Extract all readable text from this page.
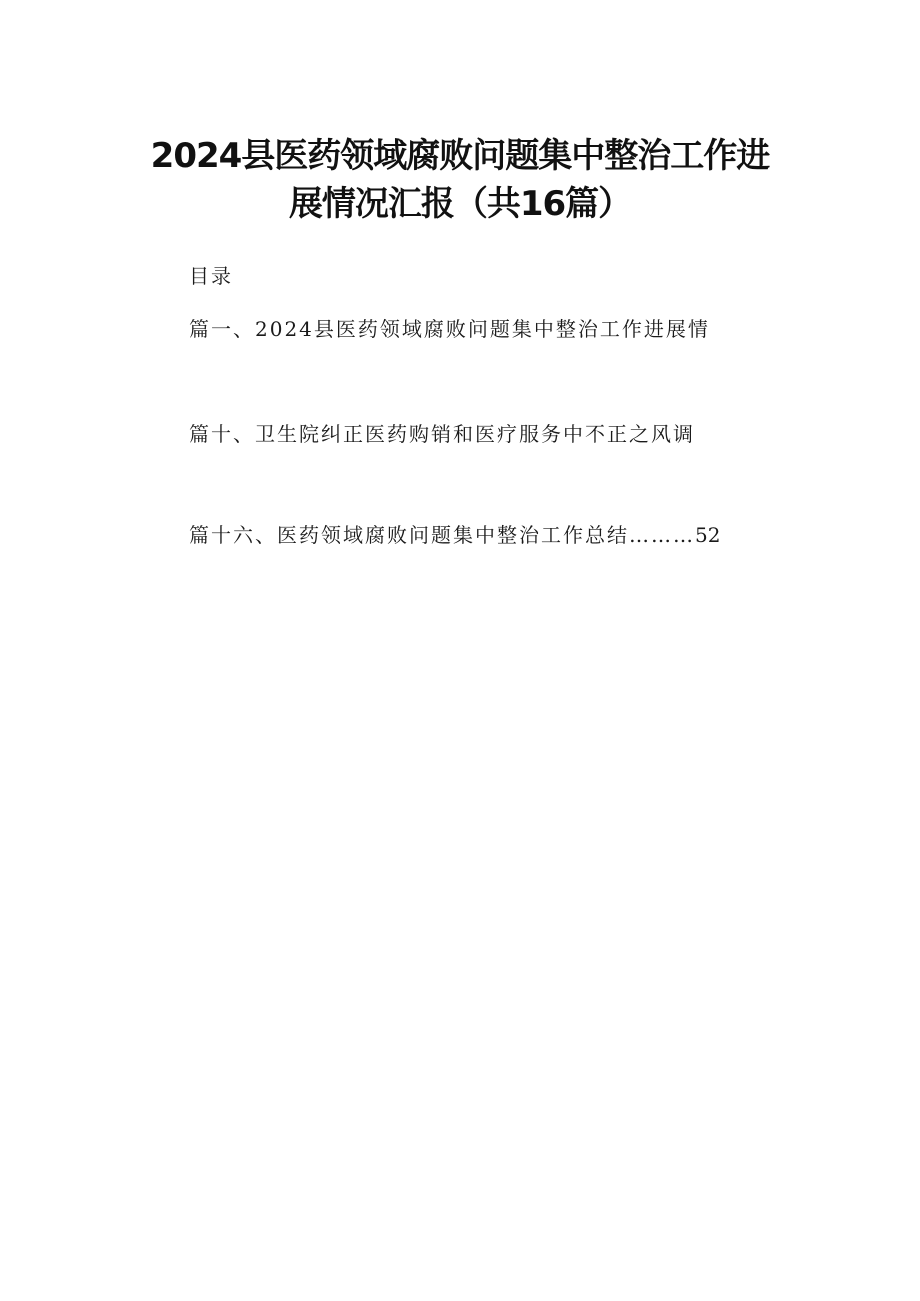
2024县医药领域腐败问题集中整治工作进
展情况汇报（共16篇）
目录
篇一、2024县医药领域腐败问题集中整治工作进展情
篇十、卫生院纠正医药购销和医疗服务中不正之风调
篇十六、医药领域腐败问题集中整治工作总结………52
